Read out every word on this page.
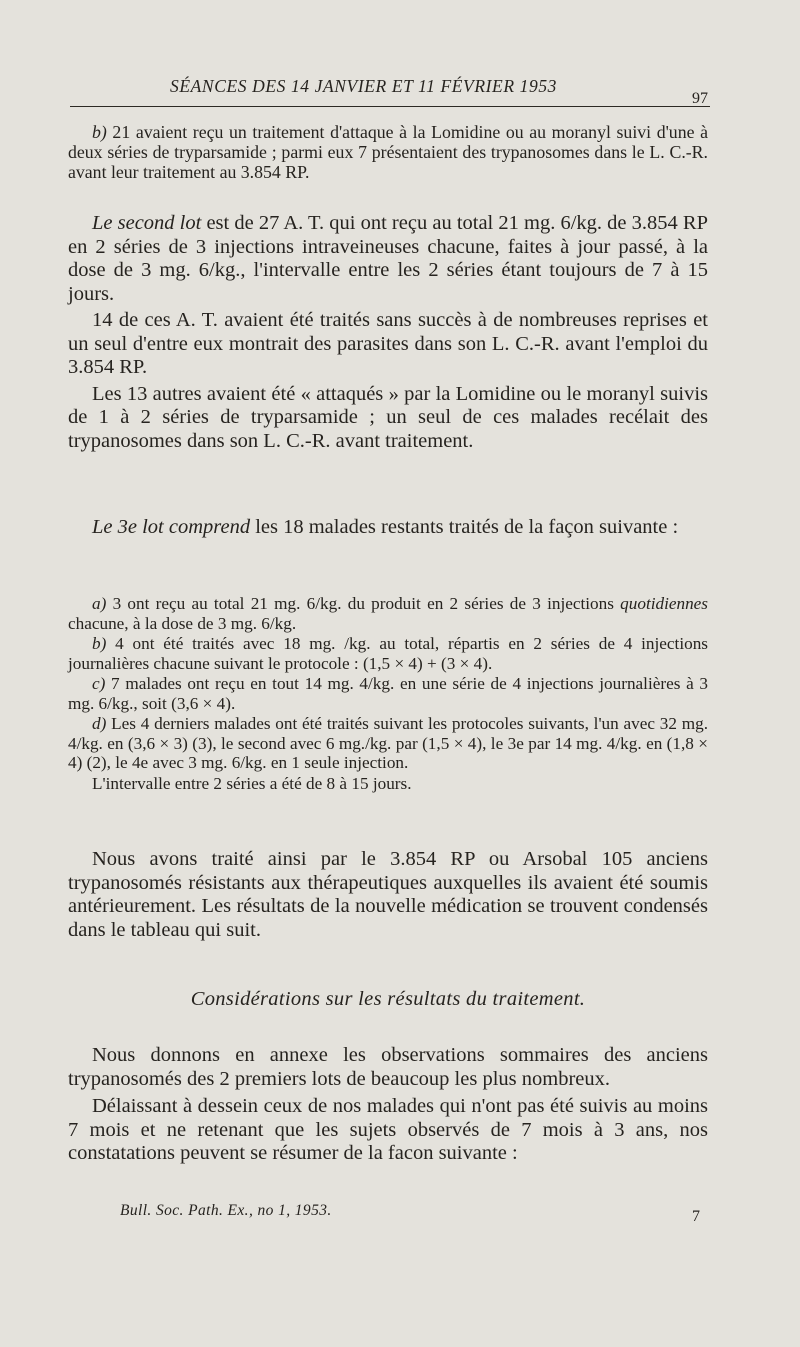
SÉANCES DES 14 JANVIER ET 11 FÉVRIER 1953
97

b) 21 avaient reçu un traitement d'attaque à la Lomidine ou au moranyl suivi d'une à deux séries de tryparsamide ; parmi eux 7 présentaient des trypanosomes dans le L. C.-R. avant leur traitement au 3.854 RP.

Le second lot est de 27 A. T. qui ont reçu au total 21 mg. 6/kg. de 3.854 RP en 2 séries de 3 injections intraveineuses chacune, faites à jour passé, à la dose de 3 mg. 6/kg., l'intervalle entre les 2 séries étant toujours de 7 à 15 jours.

14 de ces A. T. avaient été traités sans succès à de nombreuses reprises et un seul d'entre eux montrait des parasites dans son L. C.-R. avant l'emploi du 3.854 RP.

Les 13 autres avaient été « attaqués » par la Lomidine ou le moranyl suivis de 1 à 2 séries de tryparsamide ; un seul de ces malades recélait des trypanosomes dans son L. C.-R. avant traitement.

Le 3e lot comprend les 18 malades restants traités de la façon suivante :

a) 3 ont reçu au total 21 mg. 6/kg. du produit en 2 séries de 3 injections quotidiennes chacune, à la dose de 3 mg. 6/kg.

b) 4 ont été traités avec 18 mg. /kg. au total, répartis en 2 séries de 4 injections journalières chacune suivant le protocole : (1,5 × 4) + (3 × 4).

c) 7 malades ont reçu en tout 14 mg. 4/kg. en une série de 4 injections journalières à 3 mg. 6/kg., soit (3,6 × 4).

d) Les 4 derniers malades ont été traités suivant les protocoles suivants, l'un avec 32 mg. 4/kg. en (3,6 × 3) (3), le second avec 6 mg./kg. par (1,5 × 4), le 3e par 14 mg. 4/kg. en (1,8 × 4) (2), le 4e avec 3 mg. 6/kg. en 1 seule injection.

L'intervalle entre 2 séries a été de 8 à 15 jours.

Nous avons traité ainsi par le 3.854 RP ou Arsobal 105 anciens trypanosomés résistants aux thérapeutiques auxquelles ils avaient été soumis antérieurement. Les résultats de la nouvelle médication se trouvent condensés dans le tableau qui suit.

Considérations sur les résultats du traitement.

Nous donnons en annexe les observations sommaires des anciens trypanosomés des 2 premiers lots de beaucoup les plus nombreux.

Délaissant à dessein ceux de nos malades qui n'ont pas été suivis au moins 7 mois et ne retenant que les sujets observés de 7 mois à 3 ans, nos constatations peuvent se résumer de la facon suivante :

Bull. Soc. Path. Ex., no 1, 1953.	7
